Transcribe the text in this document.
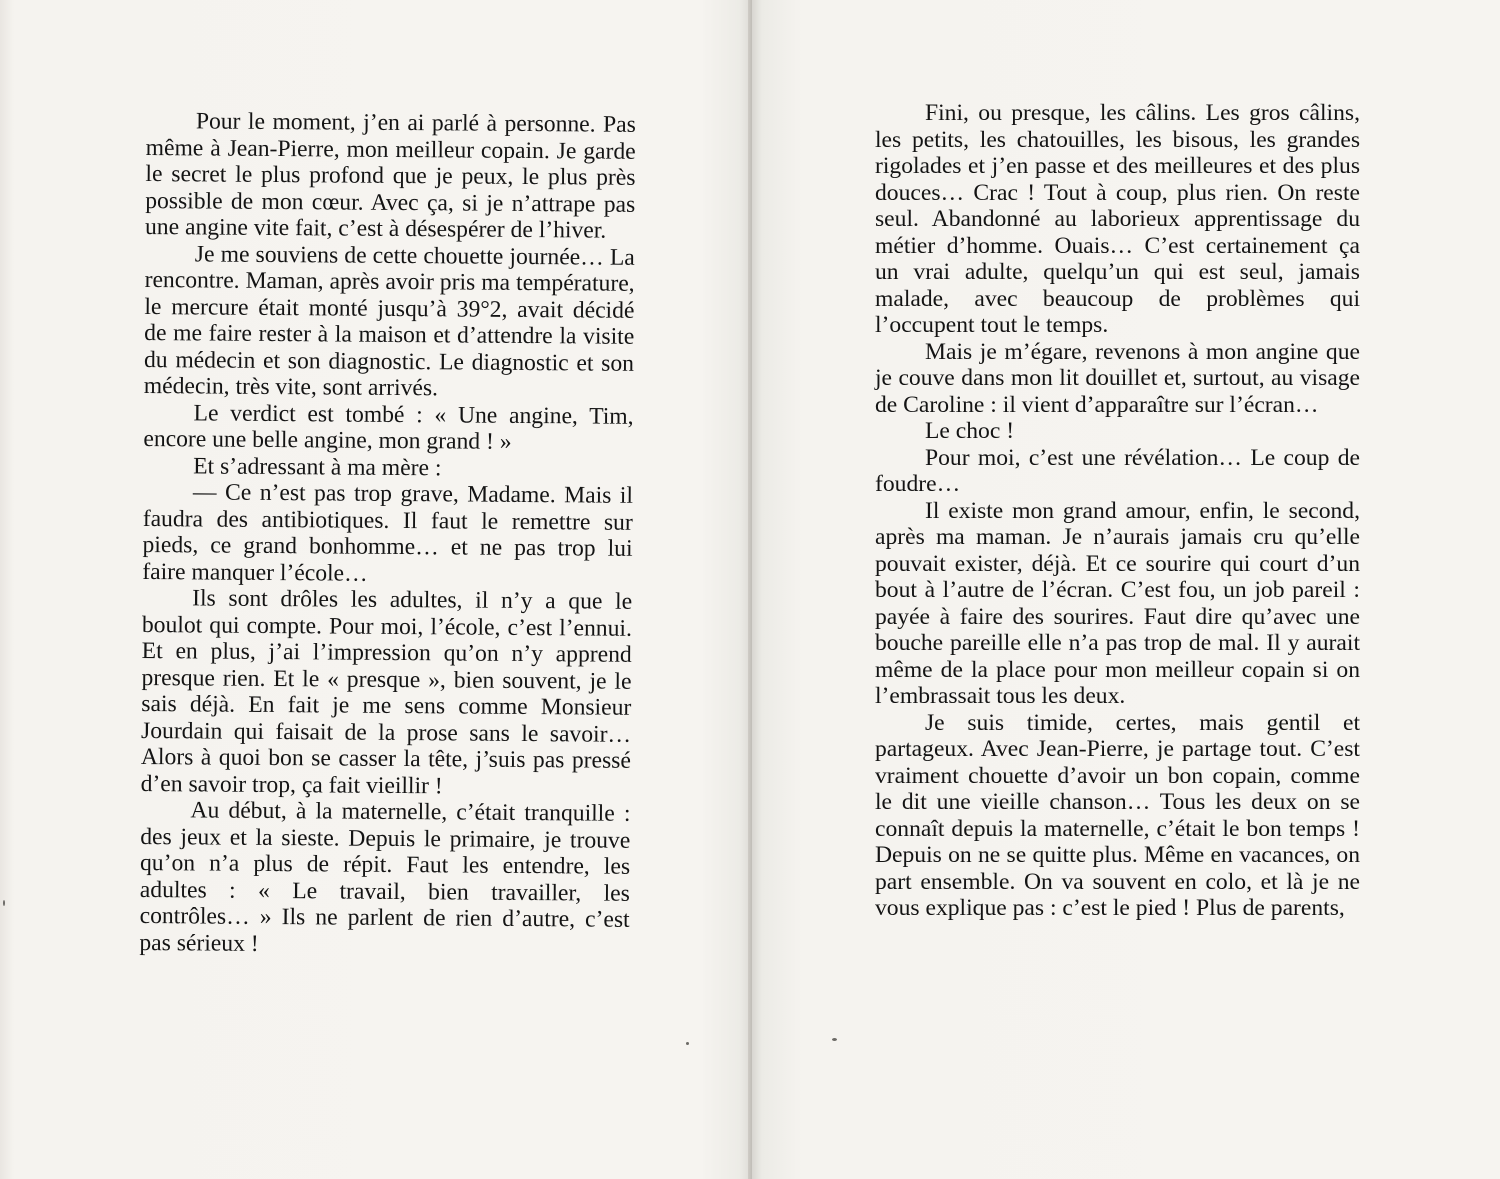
Pour le moment, j’en ai parlé à personne. Pas même à Jean-Pierre, mon meilleur copain. Je garde le secret le plus profond que je peux, le plus près possible de mon cœur. Avec ça, si je n’attrape pas une angine vite fait, c’est à désespérer de l’hiver.

Je me souviens de cette chouette journée… La rencontre. Maman, après avoir pris ma température, le mercure était monté jusqu’à 39°2, avait décidé de me faire rester à la maison et d’attendre la visite du médecin et son diagnostic. Le diagnostic et son médecin, très vite, sont arrivés.

Le verdict est tombé : « Une angine, Tim, encore une belle angine, mon grand ! »

Et s’adressant à ma mère :

— Ce n’est pas trop grave, Madame. Mais il faudra des antibiotiques. Il faut le remettre sur pieds, ce grand bonhomme… et ne pas trop lui faire manquer l’école…

Ils sont drôles les adultes, il n’y a que le boulot qui compte. Pour moi, l’école, c’est l’ennui. Et en plus, j’ai l’impression qu’on n’y apprend presque rien. Et le « presque », bien souvent, je le sais déjà. En fait je me sens comme Monsieur Jourdain qui faisait de la prose sans le savoir… Alors à quoi bon se casser la tête, j’suis pas pressé d’en savoir trop, ça fait vieillir !

Au début, à la maternelle, c’était tranquille : des jeux et la sieste. Depuis le primaire, je trouve qu’on n’a plus de répit. Faut les entendre, les adultes : « Le travail, bien travailler, les contrôles… » Ils ne parlent de rien d’autre, c’est pas sérieux !

Fini, ou presque, les câlins. Les gros câlins, les petits, les chatouilles, les bisous, les grandes rigolades et j’en passe et des meilleures et des plus douces… Crac ! Tout à coup, plus rien. On reste seul. Abandonné au laborieux apprentissage du métier d’homme. Ouais… C’est certainement ça un vrai adulte, quelqu’un qui est seul, jamais malade, avec beaucoup de problèmes qui l’occupent tout le temps.

Mais je m’égare, revenons à mon angine que je couve dans mon lit douillet et, surtout, au visage de Caroline : il vient d’apparaître sur l’écran…

Le choc !

Pour moi, c’est une révélation… Le coup de foudre…

Il existe mon grand amour, enfin, le second, après ma maman. Je n’aurais jamais cru qu’elle pouvait exister, déjà. Et ce sourire qui court d’un bout à l’autre de l’écran. C’est fou, un job pareil : payée à faire des sourires. Faut dire qu’avec une bouche pareille elle n’a pas trop de mal. Il y aurait même de la place pour mon meilleur copain si on l’embrassait tous les deux.

Je suis timide, certes, mais gentil et partageux. Avec Jean-Pierre, je partage tout. C’est vraiment chouette d’avoir un bon copain, comme le dit une vieille chanson… Tous les deux on se connaît depuis la maternelle, c’était le bon temps ! Depuis on ne se quitte plus. Même en vacances, on part ensemble. On va souvent en colo, et là je ne vous explique pas : c’est le pied ! Plus de parents,
